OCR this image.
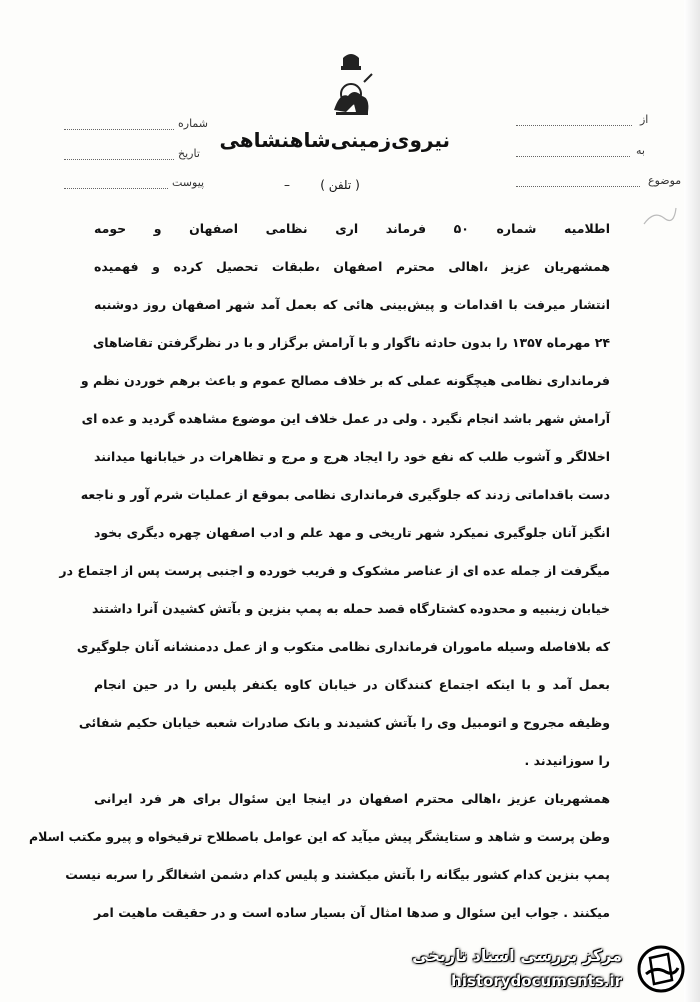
نیروی‌زمینی‌شاهنشاهی
شماره
تاریخ
پیوست
از
به
موضوع
( تلفن )
–
اطلامیه شماره ۵۰ فرماند اری نظامی اصفهان و حومه
همشهریان عزیز ،اهالی محترم اصفهان ،طبقات تحصیل کرده و فهمیده
انتشار میرفت با اقدامات و پیش‌بینی هائی که بعمل آمد شهر اصفهان روز دوشنبه
۲۴ مهرماه ۱۳۵۷ را بدون حادثه ناگوار و با آرامش برگزار و با در نظرگرفتن تقاضاهای
فرمانداری نظامی هیچگونه عملی که بر خلاف مصالح عموم و باعث برهم خوردن نظم و
آرامش شهر باشد انجام نگیرد . ولی در عمل خلاف این موضوع مشاهده گردید و عده ای
اخلالگر و آشوب طلب که نفع خود را ایجاد هرج و مرج و تظاهرات در خیابانها میدانند
دست باقداماتی زدند که جلوگیری فرمانداری نظامی بموقع از عملیات شرم آور و ناجعه
انگیز آنان جلوگیری نمیکرد شهر تاریخی و مهد علم و ادب اصفهان چهره دیگری بخود
میگرفت از جمله عده ای از عناصر مشکوک و فریب خورده و اجنبی پرست پس از اجتماع در
خیابان زینبیه و محدوده کشتارگاه قصد حمله به پمپ بنزین و بآتش کشیدن آنرا داشتند
که بلافاصله وسیله ماموران فرمانداری نظامی متکوب و از عمل ددمنشانه آنان جلوگیری
بعمل آمد و با اینکه اجتماع کنندگان در خیابان کاوه یکنفر پلیس را در حین انجام
وظیفه مجروح و اتومبیل وی را بآتش کشیدند و بانک صادرات شعبه خیابان حکیم شفائی
را سوزانیدند .
همشهریان عزیز ،اهالی محترم اصفهان در اینجا این سئوال برای هر فرد ایرانی
وطن پرست و شاهد و ستایشگر پیش میآید که این عوامل باصطلاح ترقیخواه و پیرو مکتب اسلام
پمپ بنزین کدام کشور بیگانه را بآتش میکشند و پلیس کدام دشمن اشغالگر را سربه نیست
میکنند . جواب این سئوال و صدها امثال آن بسیار ساده است و در حقیقت ماهیت امر
مرکز بررسی اسناد تاریخی
historydocuments.ir
